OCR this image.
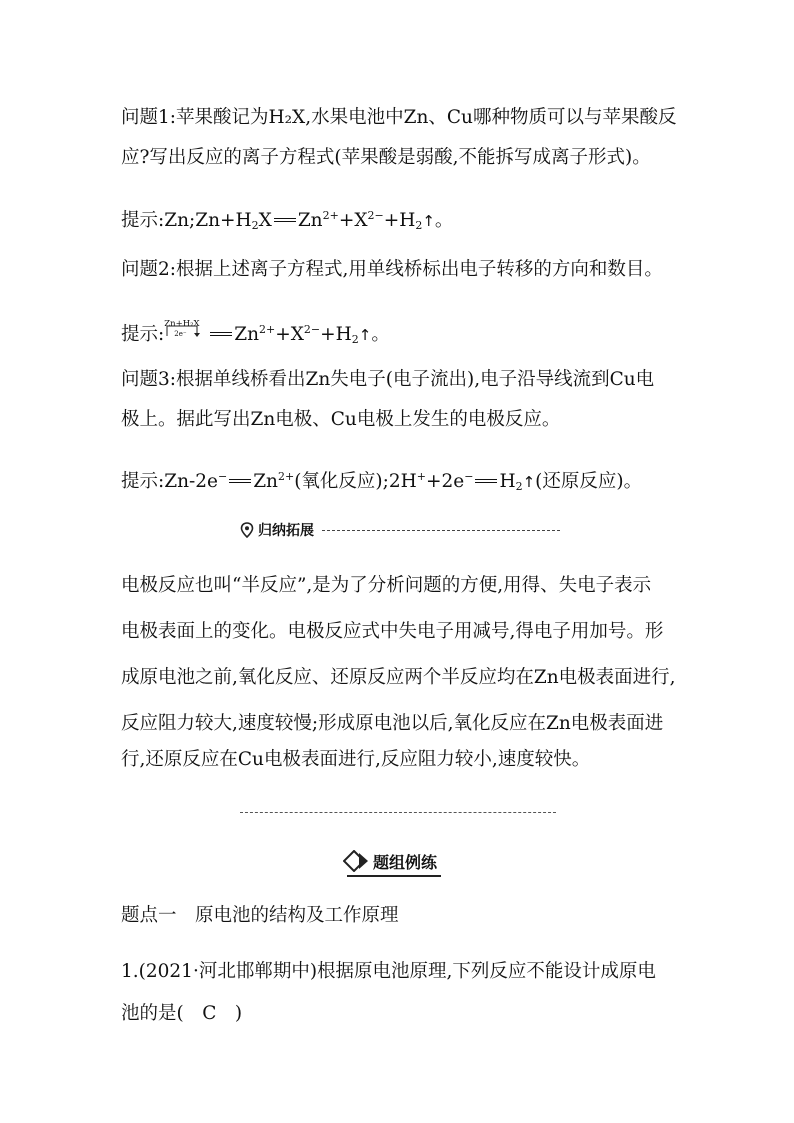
问题1:苹果酸记为H₂X,水果电池中Zn、Cu哪种物质可以与苹果酸反
应?写出反应的离子方程式(苹果酸是弱酸,不能拆写成离子形式)。
提示$:Zn;Zn+H_2X$ $Zn^{2+}+X^{2-}+H_2↑$。
问题2:根据上述离子方程式,用单线桥标出电子转移的方向和数目。
提示: 2e⁻
Zn+H₂X $Zn^{2+}+X^{2-}+H_2↑$。
问题3:根据单线桥看出Zn失电子(电子流出),电子沿导线流到Cu电
极上。据此写出Zn电极、Cu电极上发生的电极反应。
提示:Zn-2e− $Zn^{2+}$(氧化反应);2H++2e− $H_2↑$(还原反应)。
归纳拓展
电极反应也叫“半反应”,是为了分析问题的方便,用得、失电子表示
电极表面上的变化。电极反应式中失电子用减号,得电子用加号。形
成原电池之前,氧化反应、还原反应两个半反应均在Zn电极表面进行,
反应阻力较大,速度较慢;形成原电池以后,氧化反应在Zn电极表面进
行,还原反应在Cu电极表面进行,反应阻力较小,速度较快。
题组例练
题点一　原电池的结构及工作原理
1.(2021·河北邯郸期中)根据原电池原理,下列反应不能设计成原电
池的是(　C　)
